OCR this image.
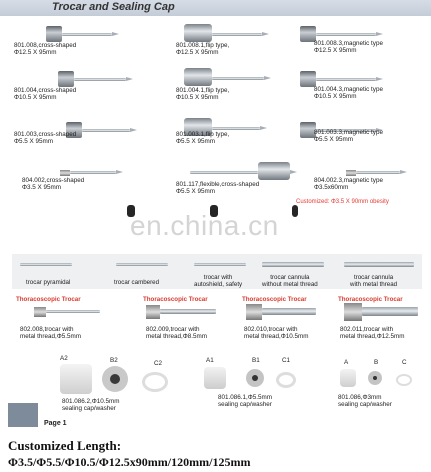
Trocar and Sealing Cap
801.008,cross-shaped
Φ12.5 X 95mm
801.008.1,flip type,
Φ12.5 X 95mm
801.008.3,magnetic type
Φ12.5 X 95mm
801.004,cross-shaped
Φ10.5 X 95mm
801.004.1,flip type,
Φ10.5 X 95mm
801.004.3,magnetic type
Φ10.5 X 95mm
801.003,cross-shaped
Φ5.5 X 95mm
801.003.1,flip type,
Φ5.5 X 95mm
801.003.3,magnetic type
Φ5.5 X 95mm
804.002,cross-shaped
Φ3.5 X 95mm	801.117,flexible,cross-shaped
Φ5.5 X 95mm
804.002.3,magnetic type
Φ3.5x60mm
Customized: Φ3.5 X 90mm obesity
en.china.cn
trocar pyramidal	trocar cambered
trocar with
autoshield, safety
trocar cannula
without metal thread
trocar cannula
with metal thread
Thoracoscopic Trocar	Thoracoscopic Trocar	Thoracoscopic Trocar	Thoracoscopic Trocar
802.008,trocar with
metal thread,Φ5.5mm
802.009,trocar with
metal thread,Φ8.5mm
802.010,trocar with
metal thread,Φ10.5mm
802.011,trocar with
metal thread,Φ12.5mm
A2	B2	C2
801.086.2,Φ10.5mm
sealing cap/washer
A1	B1	C1
801.086.1,Φ5.5mm
sealing cap/washer
A	B	C
801.086,Φ3mm
sealing cap/washer
Page 1
Customized Length:
Φ3.5/Φ5.5/Φ10.5/Φ12.5x90mm/120mm/125mm
